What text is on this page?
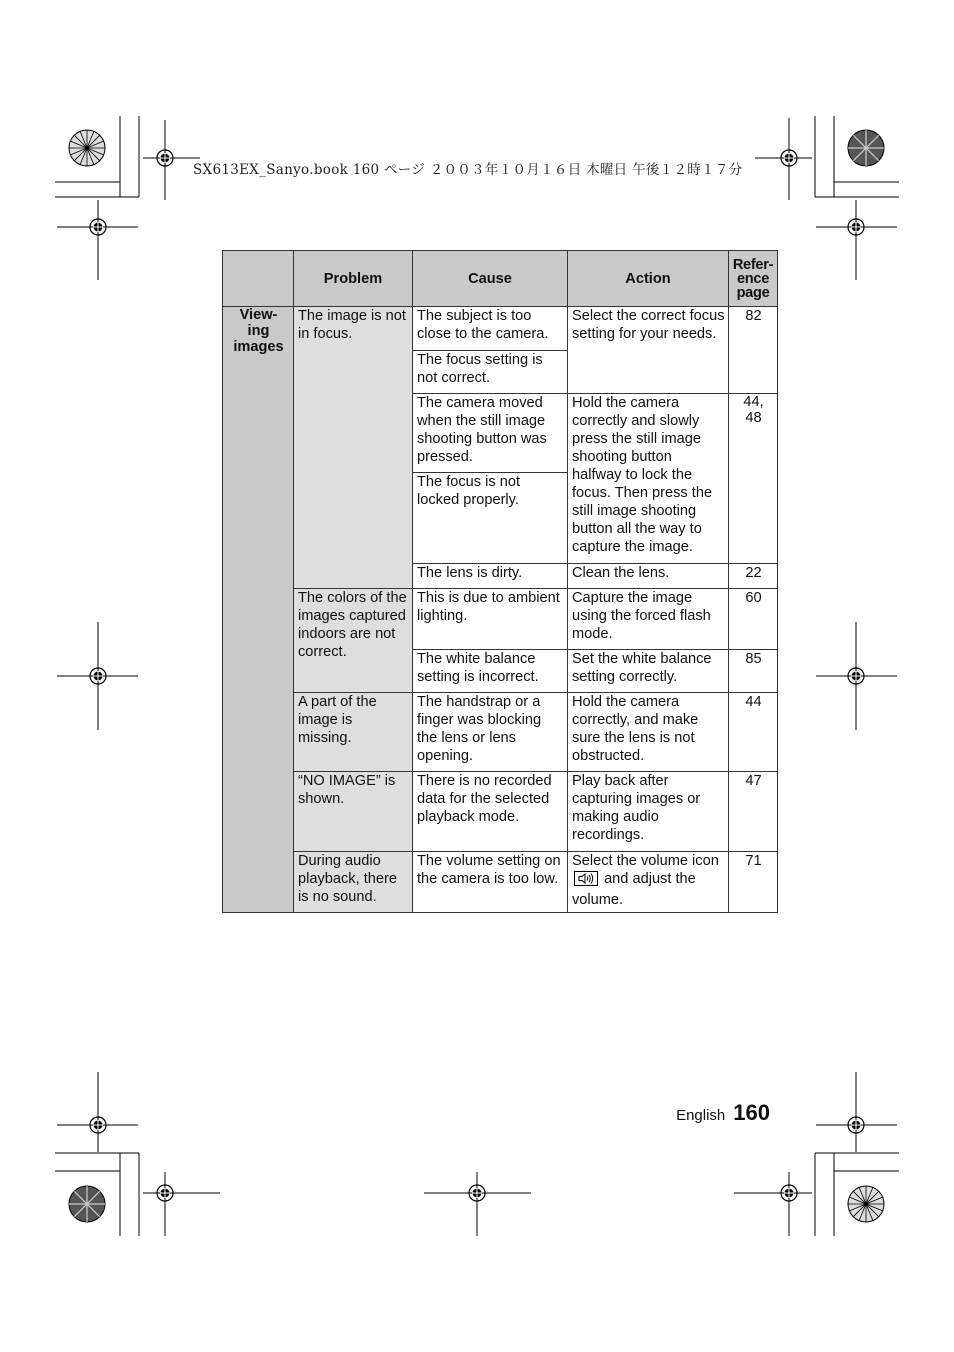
SX613EX_Sanyo.book 160 ページ ２００３年１０月１６日 木曜日 午後１２時１７分
	Problem	Cause	Action	Refer-
ence
page
View-
ing
images	The image is not in focus.	The subject is too close to the camera.	Select the correct focus setting for your needs.	82
		The focus setting is not correct.		
		The camera moved when the still image shooting button was pressed.	Hold the camera correctly and slowly press the still image shooting button halfway to lock the focus. Then press the still image shooting button all the way to capture the image.	44,
48
		The focus is not locked properly.		
		The lens is dirty.	Clean the lens.	22
	The colors of the images captured indoors are not correct.	This is due to ambient lighting.	Capture the image using the forced flash mode.	60
		The white balance setting is incorrect.	Set the white balance setting correctly.	85
	A part of the image is missing.	The handstrap or a finger was blocking the lens or lens opening.	Hold the camera correctly, and make sure the lens is not obstructed.	44
	“NO IMAGE” is shown.	There is no recorded data for the selected playback mode.	Play back after capturing images or making audio recordings.	47
	During audio playback, there is no sound.	The volume setting on the camera is too low.	Select the volume icon  and adjust the volume.	71
English 160
